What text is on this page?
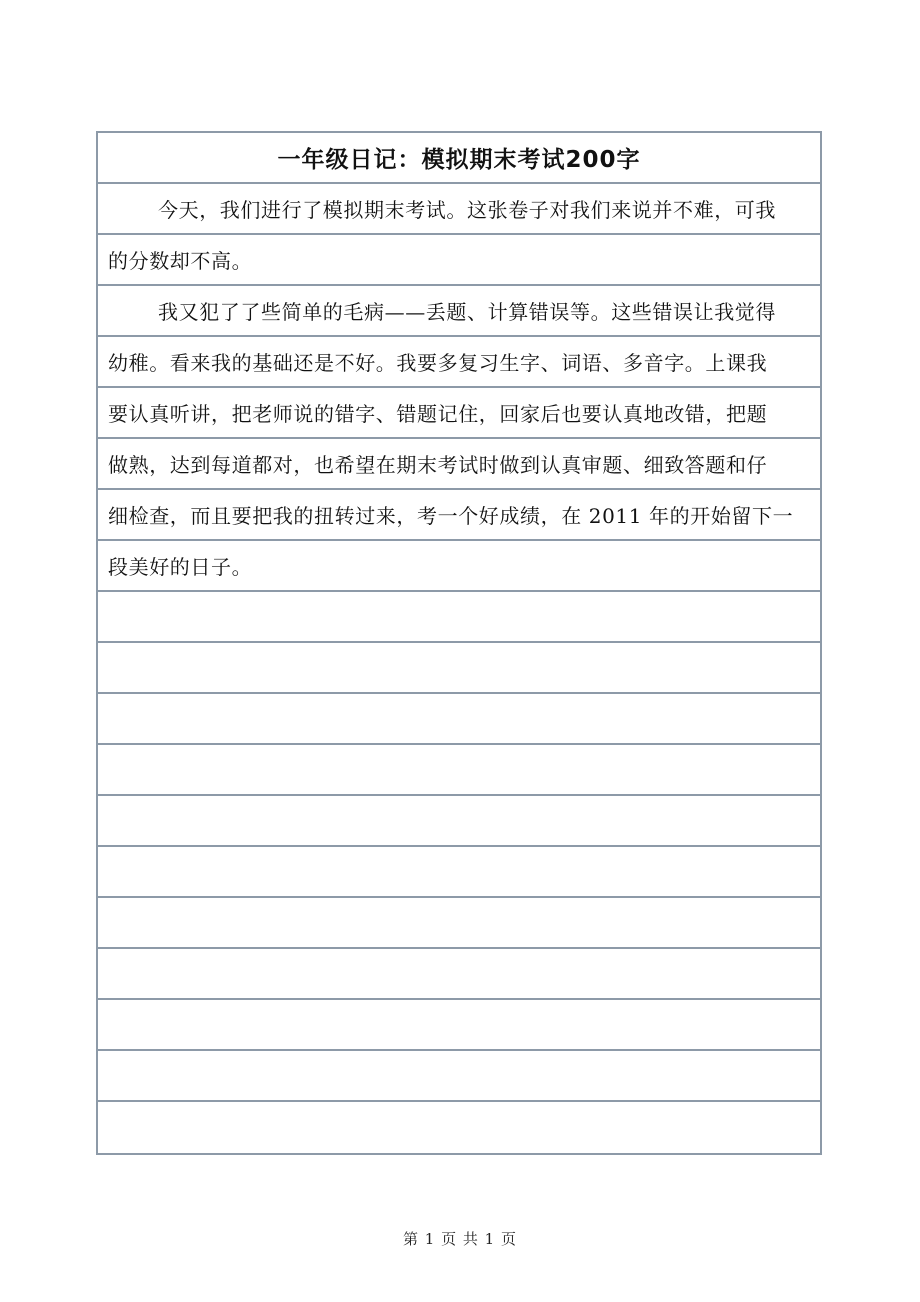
一年级日记：模拟期末考试200字
今天，我们进行了模拟期末考试。这张卷子对我们来说并不难，可我
的分数却不高。
我又犯了了些简单的毛病——丢题、计算错误等。这些错误让我觉得
幼稚。看来我的基础还是不好。我要多复习生字、词语、多音字。上课我
要认真听讲，把老师说的错字、错题记住，回家后也要认真地改错，把题
做熟，达到每道都对，也希望在期末考试时做到认真审题、细致答题和仔
细检查，而且要把我的扭转过来，考一个好成绩，在 2011 年的开始留下一
段美好的日子。
第 1 页 共 1 页
